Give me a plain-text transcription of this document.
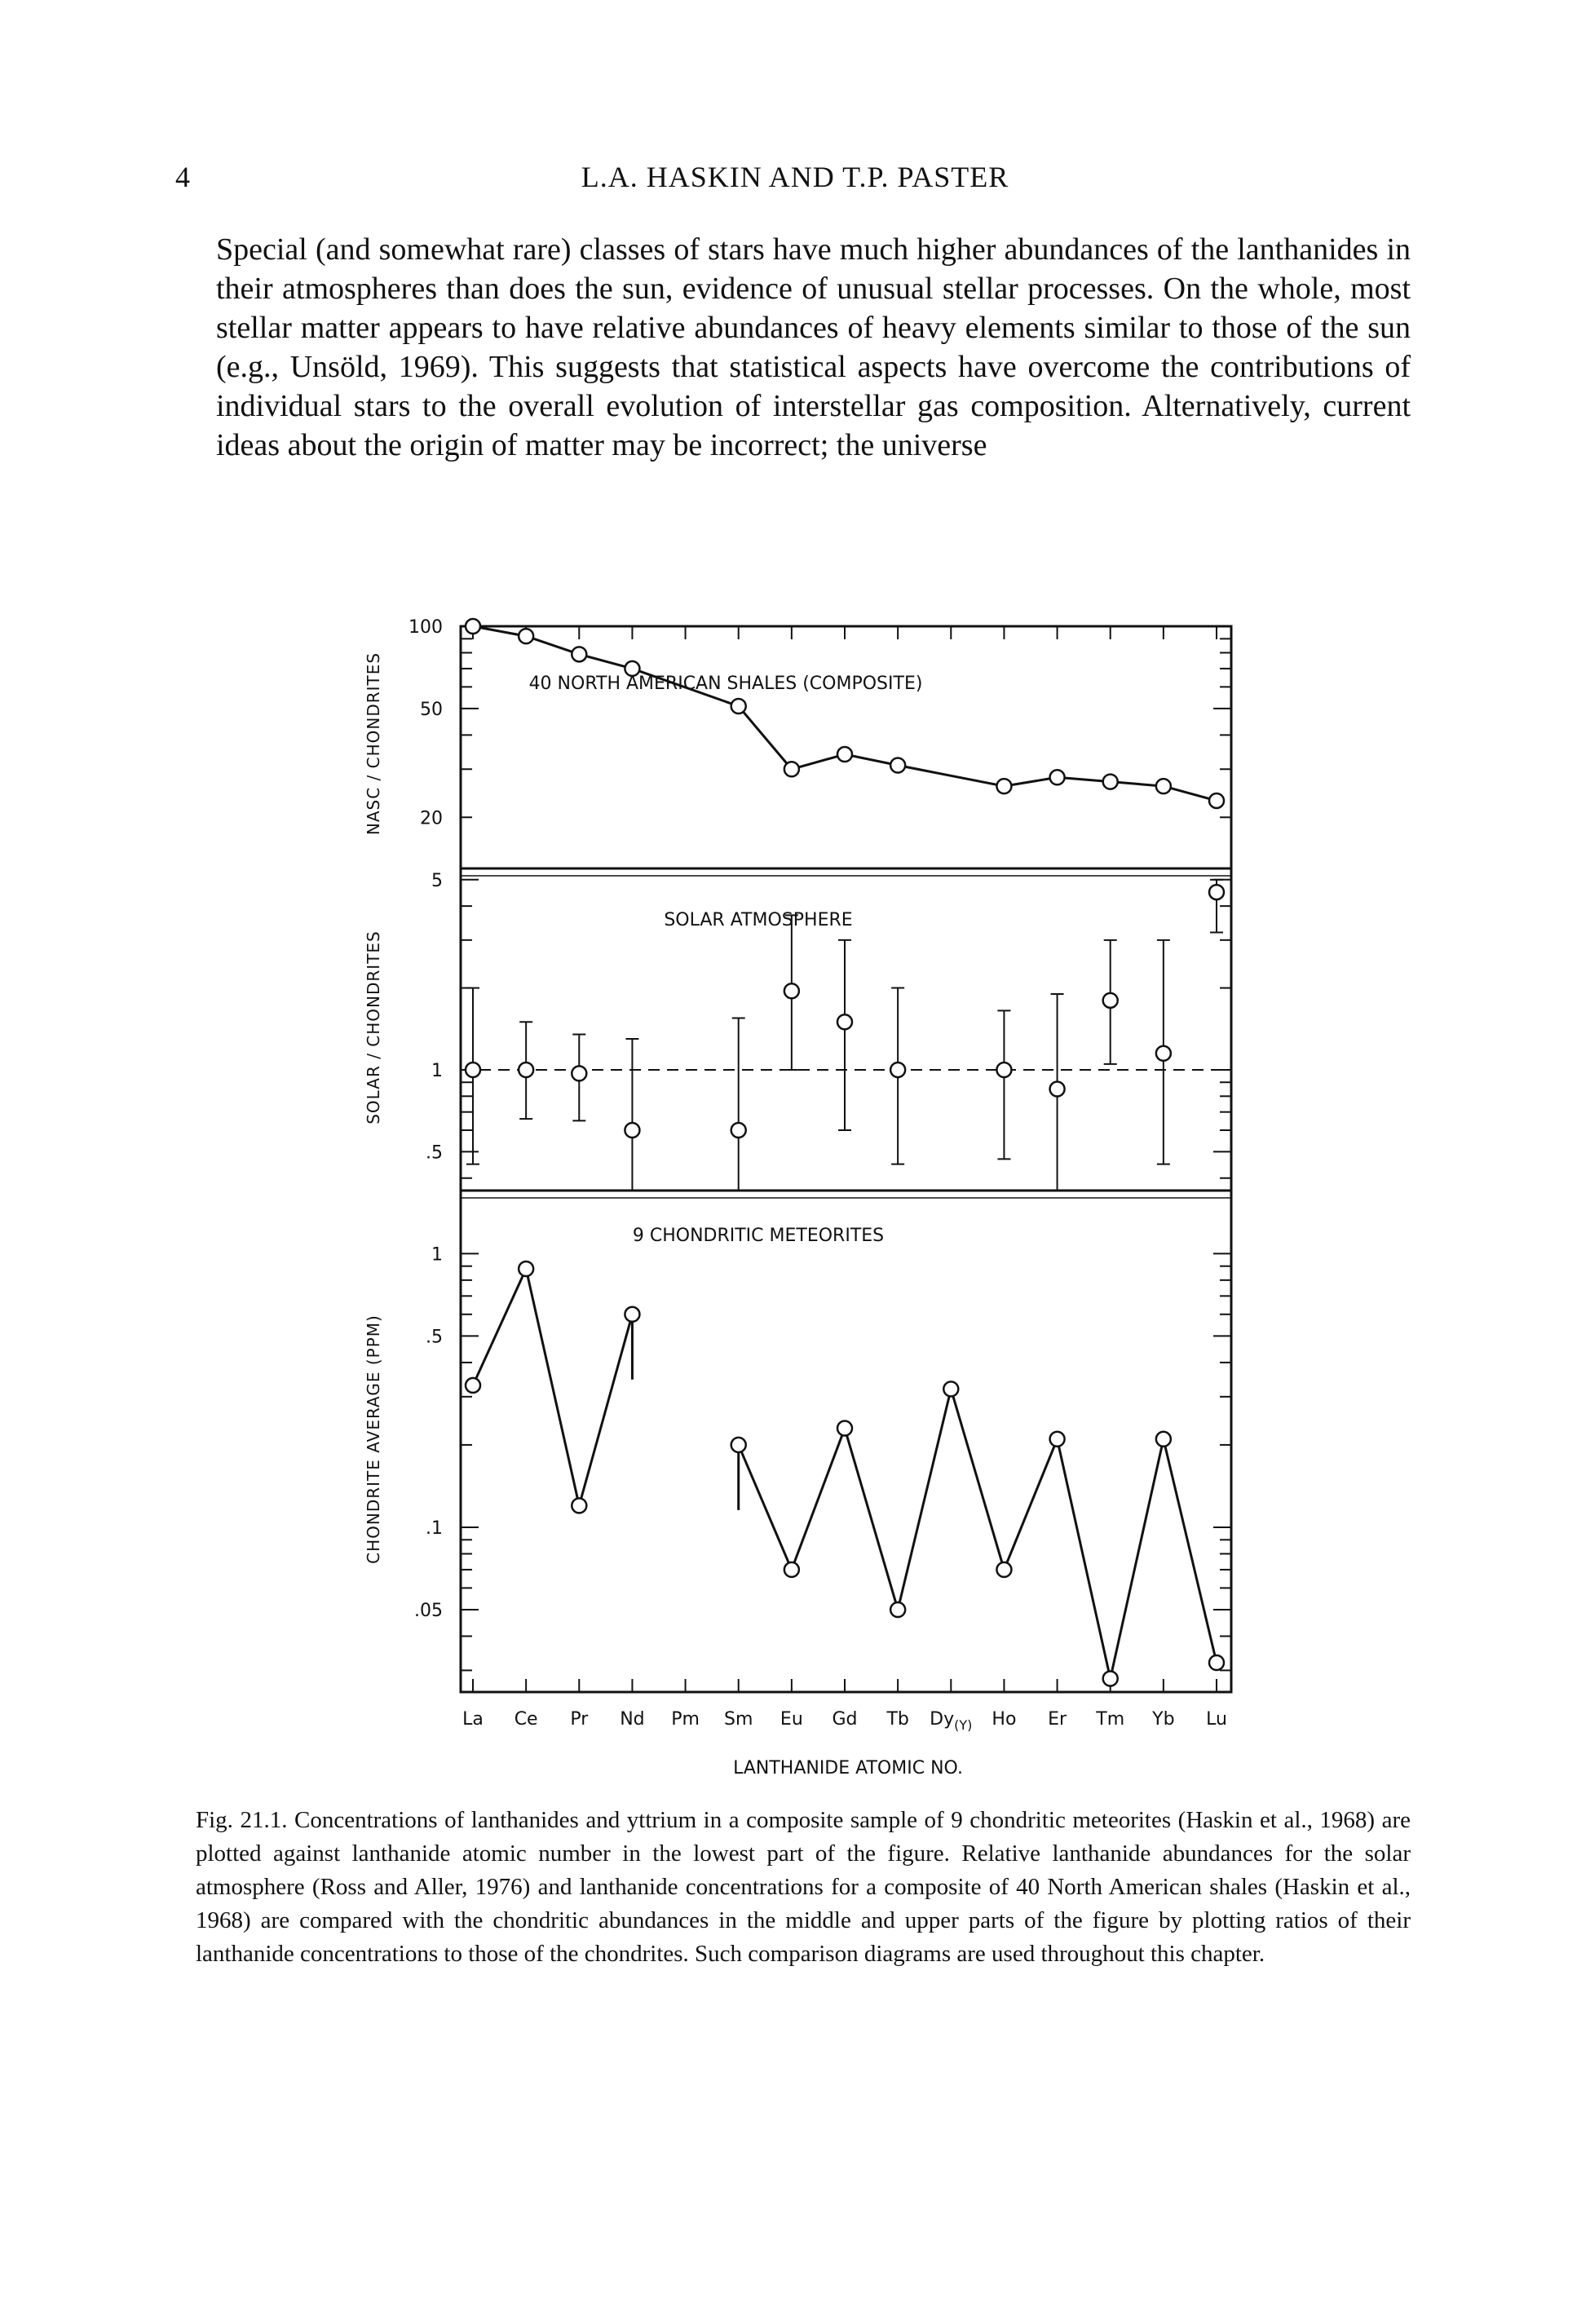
4	L.A. HASKIN AND T.P. PASTER

Special (and somewhat rare) classes of stars have much higher abundances of the lanthanides in their atmospheres than does the sun, evidence of unusual stellar processes. On the whole, most stellar matter appears to have relative abundances of heavy elements similar to those of the sun (e.g., Unsöld, 1969). This suggests that statistical aspects have overcome the contributions of individual stars to the overall evolution of interstellar gas composition. Alternatively, current ideas about the origin of matter may be incorrect; the universe

100
50
20
40 NORTH AMERICAN SHALES (COMPOSITE)
NASC / CHONDRITES
5
1
.5
SOLAR ATMOSPHERE
SOLAR / CHONDRITES
1
.5
.1
.05
9 CHONDRITIC METEORITES
CHONDRITE AVERAGE (PPM)
La Ce Pr Nd Pm Sm Eu Gd Tb $Dy_{(Y)}$ Ho Er Tm Yb Lu
LANTHANIDE ATOMIC NO.

Fig. 21.1. Concentrations of lanthanides and yttrium in a composite sample of 9 chondritic meteorites (Haskin et al., 1968) are plotted against lanthanide atomic number in the lowest part of the figure. Relative lanthanide abundances for the solar atmosphere (Ross and Aller, 1976) and lanthanide concentrations for a composite of 40 North American shales (Haskin et al., 1968) are compared with the chondritic abundances in the middle and upper parts of the figure by plotting ratios of their lanthanide concentrations to those of the chondrites. Such comparison diagrams are used throughout this chapter.
